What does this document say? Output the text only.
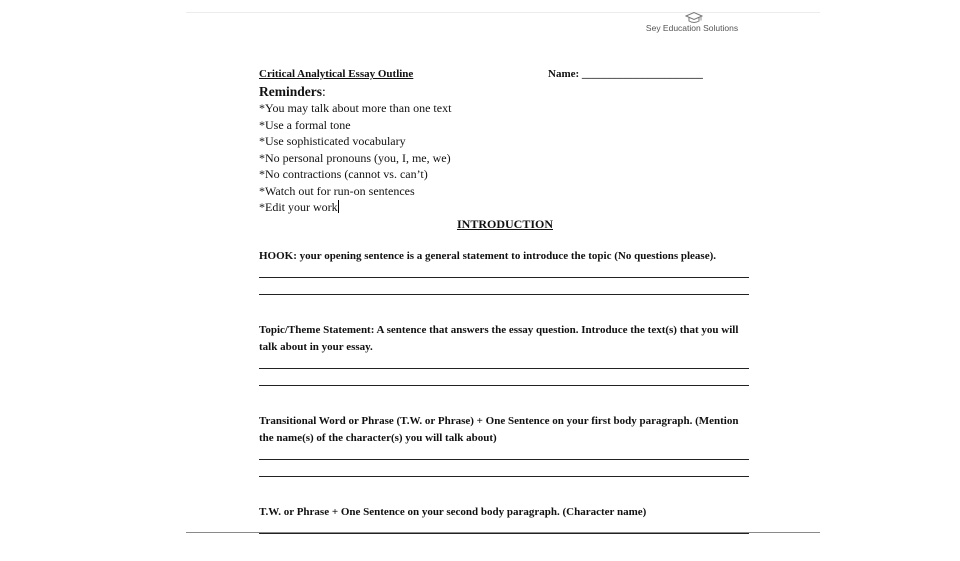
Sey Education Solutions
Critical Analytical Essay Outline	Name: ______________________
Reminders:
*You may talk about more than one text
*Use a formal tone
*Use sophisticated vocabulary
*No personal pronouns (you, I, me, we)
*No contractions (cannot vs. can’t)
*Watch out for run-on sentences
*Edit your work
INTRODUCTION
HOOK: your opening sentence is a general statement to introduce the topic (No questions please).
Topic/Theme Statement: A sentence that answers the essay question. Introduce the text(s) that you will talk about in your essay.
Transitional Word or Phrase (T.W. or Phrase) + One Sentence on your first body paragraph. (Mention the name(s) of the character(s) you will talk about)
T.W. or Phrase + One Sentence on your second body paragraph. (Character name)
